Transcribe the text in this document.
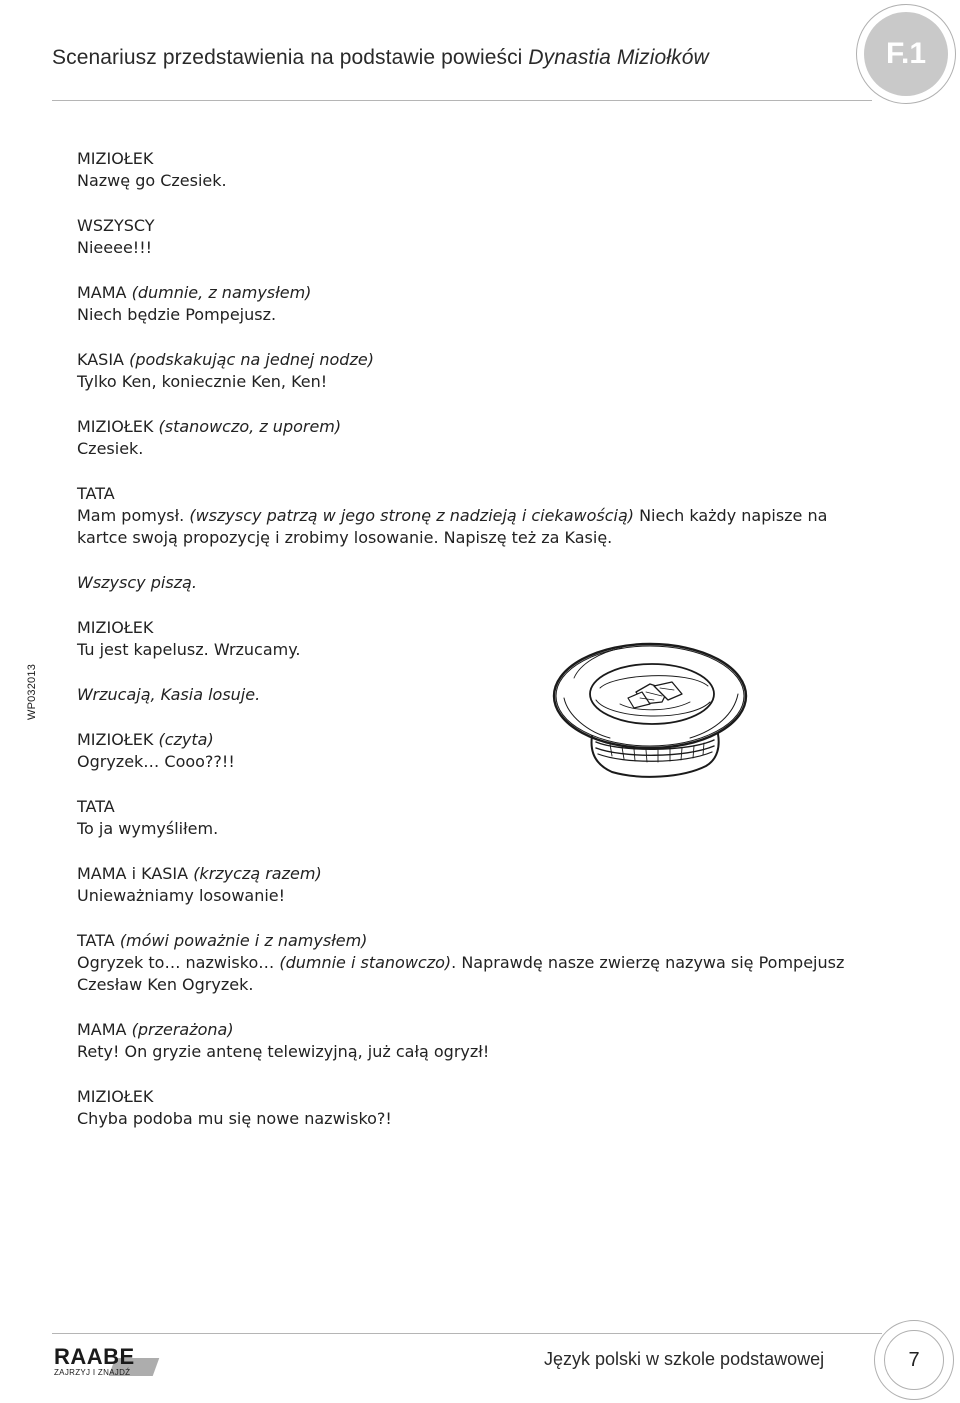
Scenariusz przedstawienia na podstawie powieści Dynastia Miziołków	F.1
WP032013
MIZIOŁEK
Nazwę go Czesiek.
WSZYSCY
Nieeee!!!
MAMA (dumnie, z namysłem)
Niech będzie Pompejusz.
KASIA (podskakując na jednej nodze)
Tylko Ken, koniecznie Ken, Ken!
MIZIOŁEK (stanowczo, z uporem)
Czesiek.
TATA
Mam pomysł. (wszyscy patrzą w jego stronę z nadzieją i ciekawością) Niech każdy napisze na kartce swoją propozycję i zrobimy losowanie. Napiszę też za Kasię.
Wszyscy piszą.
MIZIOŁEK
Tu jest kapelusz. Wrzucamy.
Wrzucają, Kasia losuje.
MIZIOŁEK (czyta)
Ogryzek… Cooo??!!
TATA
To ja wymyśliłem.
MAMA i KASIA (krzyczą razem)
Unieważniamy losowanie!
TATA (mówi poważnie i z namysłem)
Ogryzek to… nazwisko… (dumnie i stanowczo). Naprawdę nasze zwierzę nazywa się Pompejusz Czesław Ken Ogryzek.
MAMA (przerażona)
Rety! On gryzie antenę telewizyjną, już całą ogryzł!
MIZIOŁEK
Chyba podoba mu się nowe nazwisko?!
RAABE
ZAJRZYJ I ZNAJDŹ
Język polski w szkole podstawowej	7
